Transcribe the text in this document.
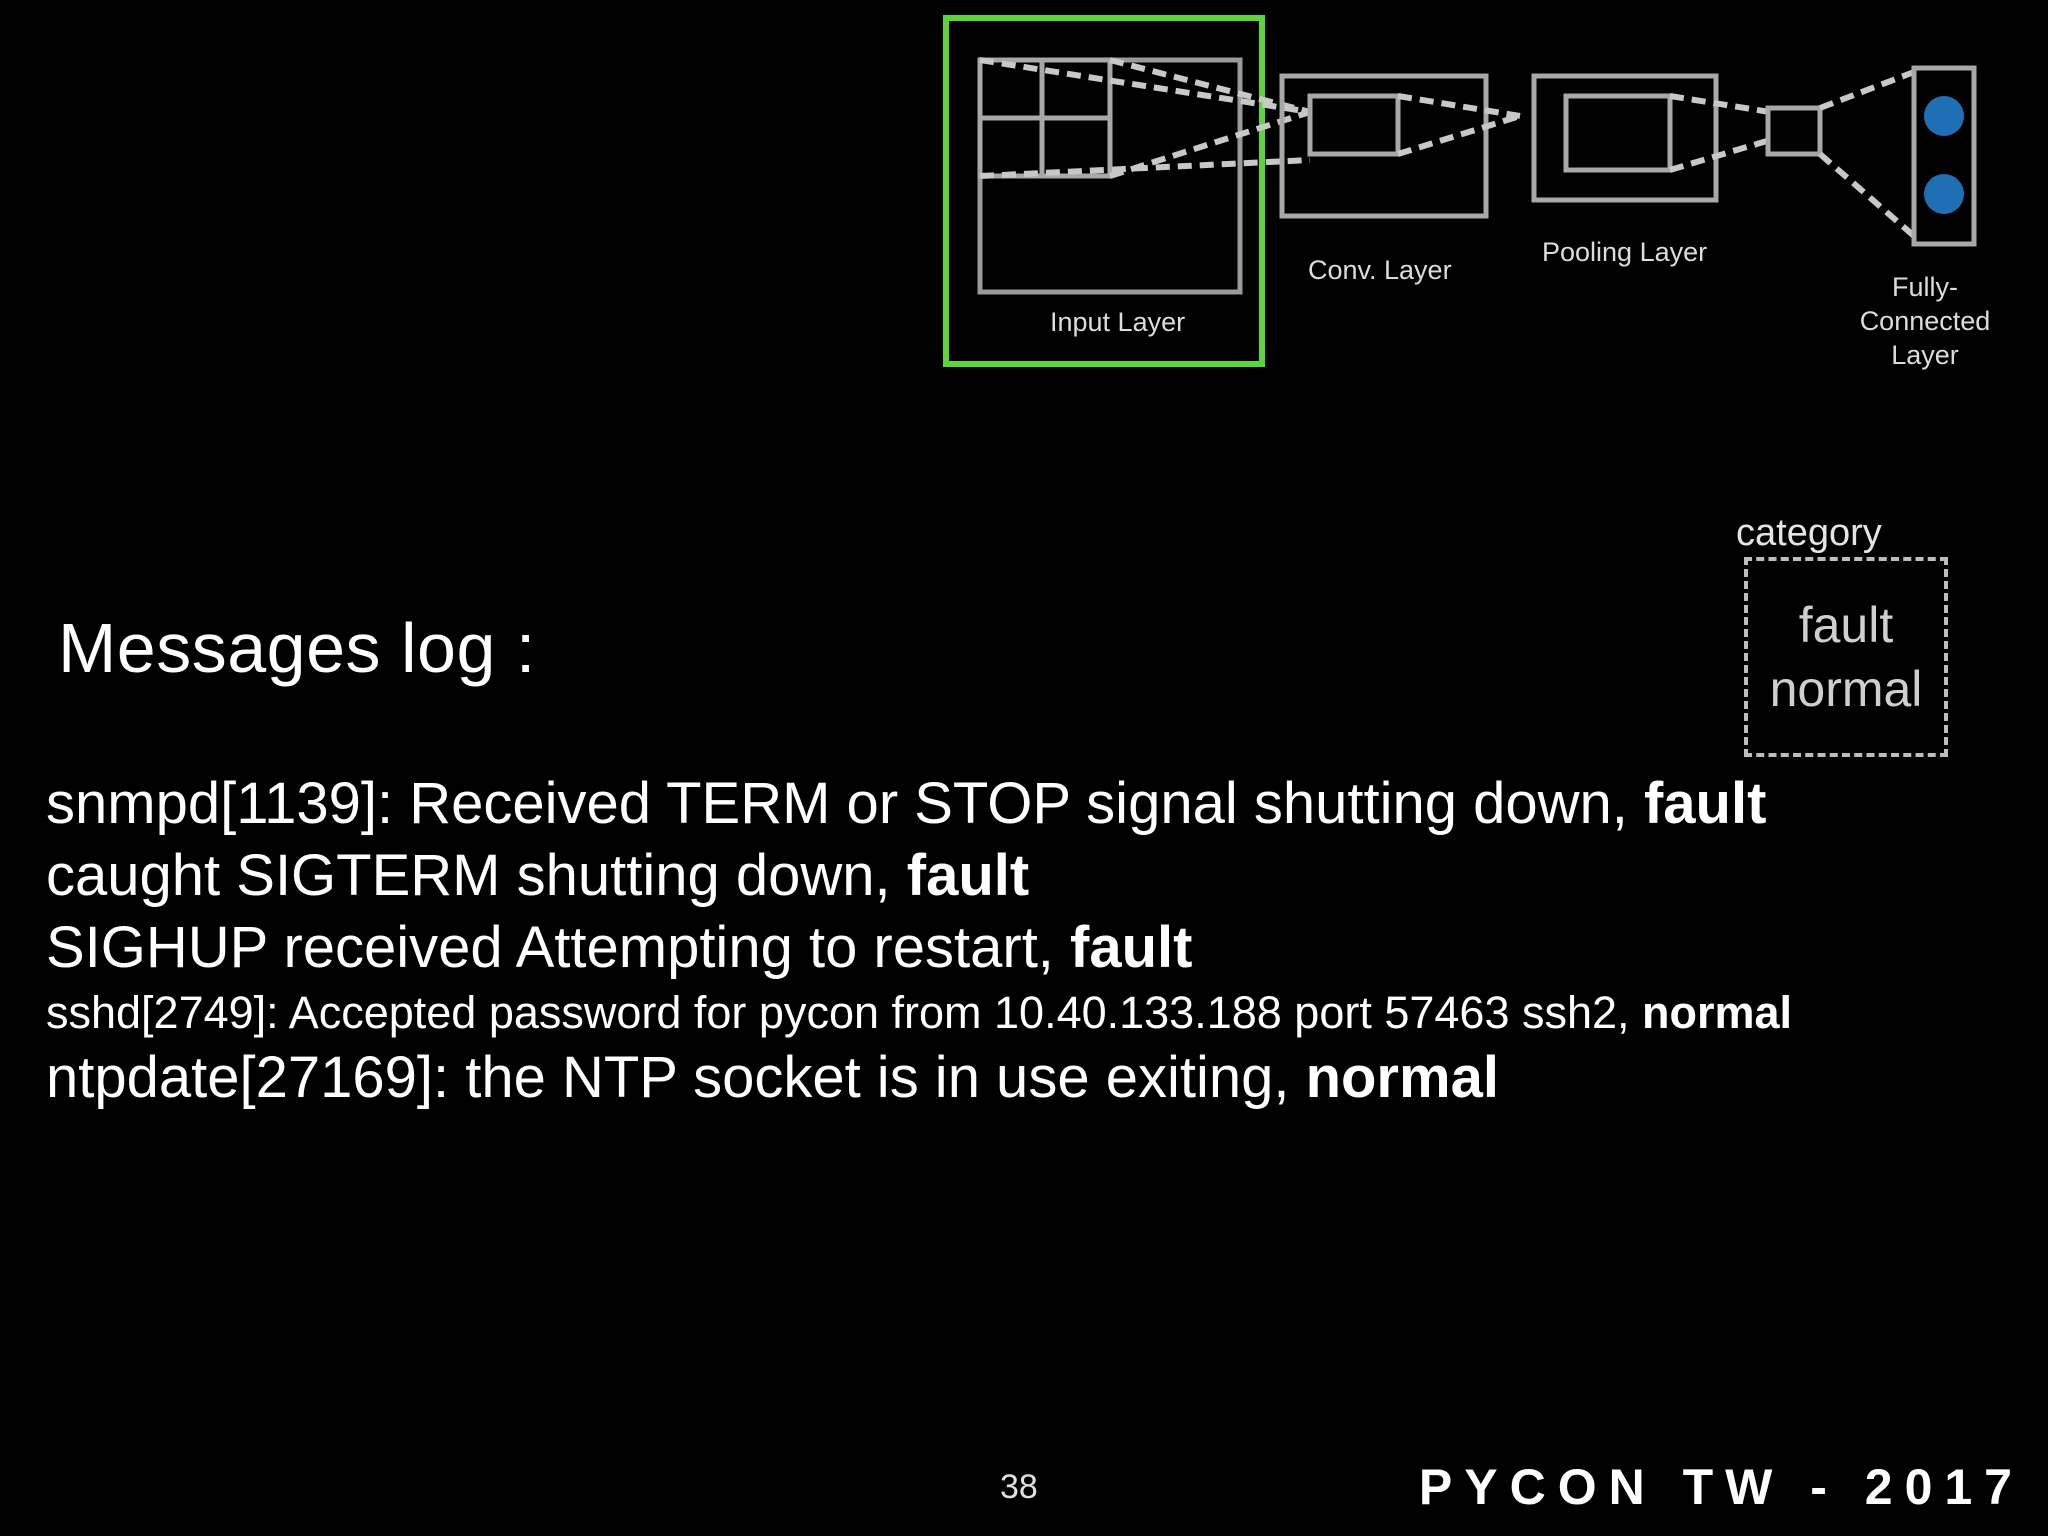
Input Layer
Conv. Layer
Pooling Layer
Fully-
Connected
Layer
Messages log :
category
fault
normal
snmpd[1139]: Received TERM or STOP signal shutting down, fault
caught SIGTERM shutting down, fault
SIGHUP received Attempting to restart, fault
sshd[2749]: Accepted password for pycon from 10.40.133.188 port 57463 ssh2, normal
ntpdate[27169]: the NTP socket is in use exiting, normal
38	PYCON TW - 2017
